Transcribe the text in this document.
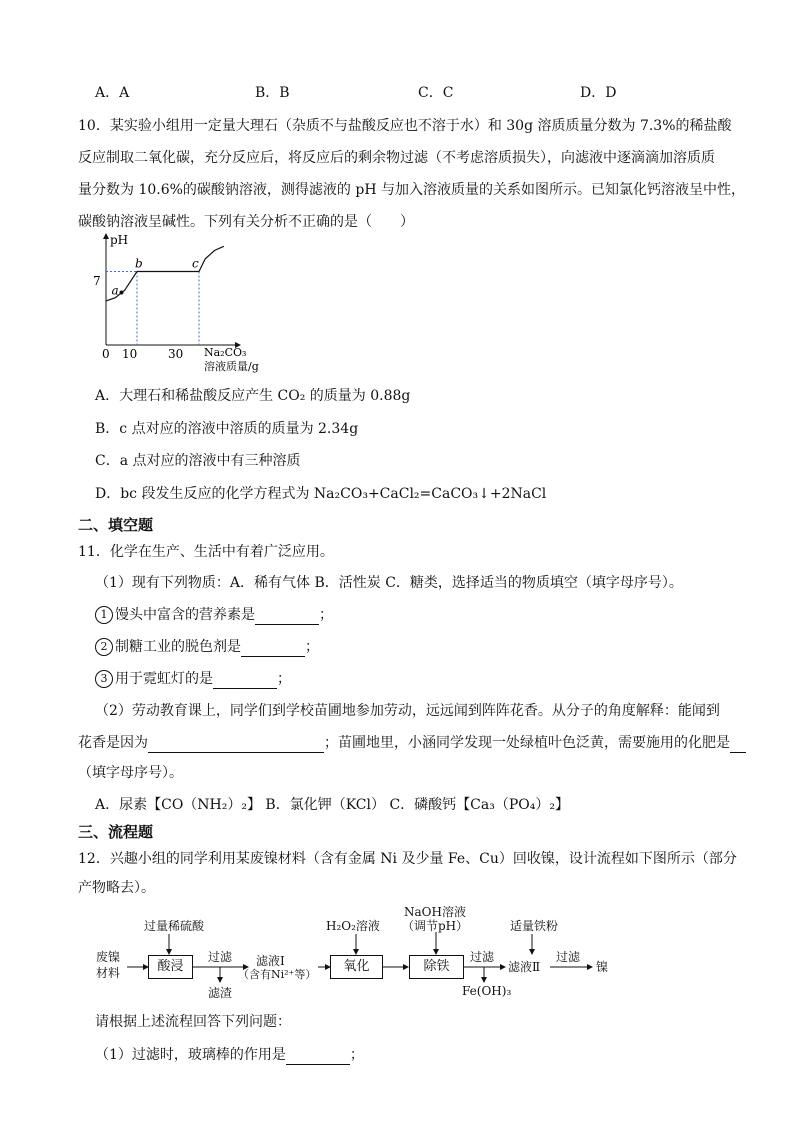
A．A	B．B	C．C	D．D
10．某实验小组用一定量大理石（杂质不与盐酸反应也不溶于水）和 30g 溶质质量分数为 7.3%的稀盐酸
反应制取二氧化碳，充分反应后，将反应后的剩余物过滤（不考虑溶质损失），向滤液中逐滴滴加溶质质
量分数为 10.6%的碳酸钠溶液，测得滤液的 pH 与加入溶液质量的关系如图所示。已知氯化钙溶液呈中性，
碳酸钠溶液呈碱性。下列有关分析不正确的是（　　）
pH
7
0 10	30 Na₂CO₃
溶液质量/g
a
b	c
A．大理石和稀盐酸反应产生 CO₂ 的质量为 0.88g
B．c 点对应的溶液中溶质的质量为 2.34g
C．a 点对应的溶液中有三种溶质
D．bc 段发生反应的化学方程式为 Na₂CO₃+CaCl₂=CaCO₃↓+2NaCl
二、填空题
11．化学在生产、生活中有着广泛应用。
（1）现有下列物质：A．稀有气体 B．活性炭 C．糖类，选择适当的物质填空（填字母序号）。
1 馒头中富含的营养素是	；
2 制糖工业的脱色剂是	；
3 用于霓虹灯的是	；
（2）劳动教育课上，同学们到学校苗圃地参加劳动，远远闻到阵阵花香。从分子的角度解释：能闻到
花香是因为	；苗圃地里，小涵同学发现一处绿植叶色泛黄，需要施用的化肥是
（填字母序号）。
A．尿素【CO（NH₂）₂】 B．氯化钾（KCl） C．磷酸钙【Ca₃（PO₄）₂】
三、流程题
12．兴趣小组的同学利用某废镍材料（含有金属 Ni 及少量 Fe、Cu）回收镍，设计流程如下图所示（部分
产物略去）。
废镍
材料
过量稀硫酸
酸浸
过滤
滤渣
滤液Ⅰ
（含有Ni²⁺等）
H₂O₂溶液
氧化
NaOH溶液
（调节pH）
除铁
过滤
Fe(OH)₃
适量铁粉
滤液Ⅱ
过滤
镍
请根据上述流程回答下列问题：
（1）过滤时，玻璃棒的作用是	；
